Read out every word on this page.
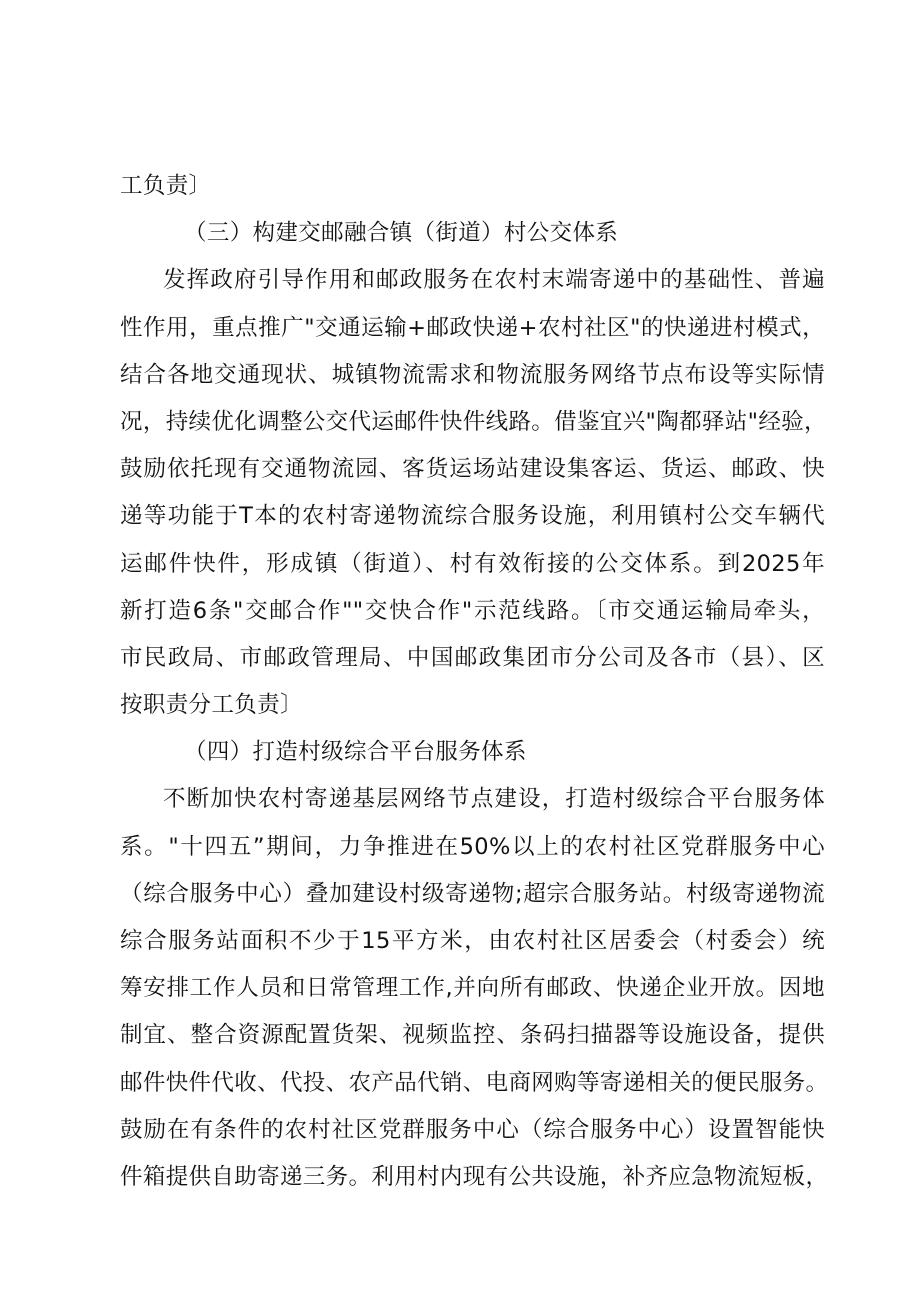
工负责〕
（三）构建交邮融合镇（街道）村公交体系
发挥政府引导作用和邮政服务在农村末端寄递中的基础性、普遍
性作用，重点推广"交通运输+邮政快递+农村社区"的快递进村模式，
结合各地交通现状、城镇物流需求和物流服务网络节点布设等实际情
况，持续优化调整公交代运邮件快件线路。借鉴宜兴"陶都驿站"经验，
鼓励依托现有交通物流园、客货运场站建设集客运、货运、邮政、快
递等功能于T本的农村寄递物流综合服务设施，利用镇村公交车辆代
运邮件快件，形成镇（街道）、村有效衔接的公交体系。到2025年
新打造6条"交邮合作""交快合作"示范线路。〔市交通运输局牵头，
市民政局、市邮政管理局、中国邮政集团市分公司及各市（县）、区
按职责分工负责〕
（四）打造村级综合平台服务体系
不断加快农村寄递基层网络节点建设，打造村级综合平台服务体
系。"十四五”期间，力争推进在50%以上的农村社区党群服务中心
（综合服务中心）叠加建设村级寄递物;超宗合服务站。村级寄递物流
综合服务站面积不少于15平方米，由农村社区居委会（村委会）统
筹安排工作人员和日常管理工作,并向所有邮政、快递企业开放。因地
制宜、整合资源配置货架、视频监控、条码扫描器等设施设备，提供
邮件快件代收、代投、农产品代销、电商网购等寄递相关的便民服务。
鼓励在有条件的农村社区党群服务中心（综合服务中心）设置智能快
件箱提供自助寄递三务。利用村内现有公共设施，补齐应急物流短板，
